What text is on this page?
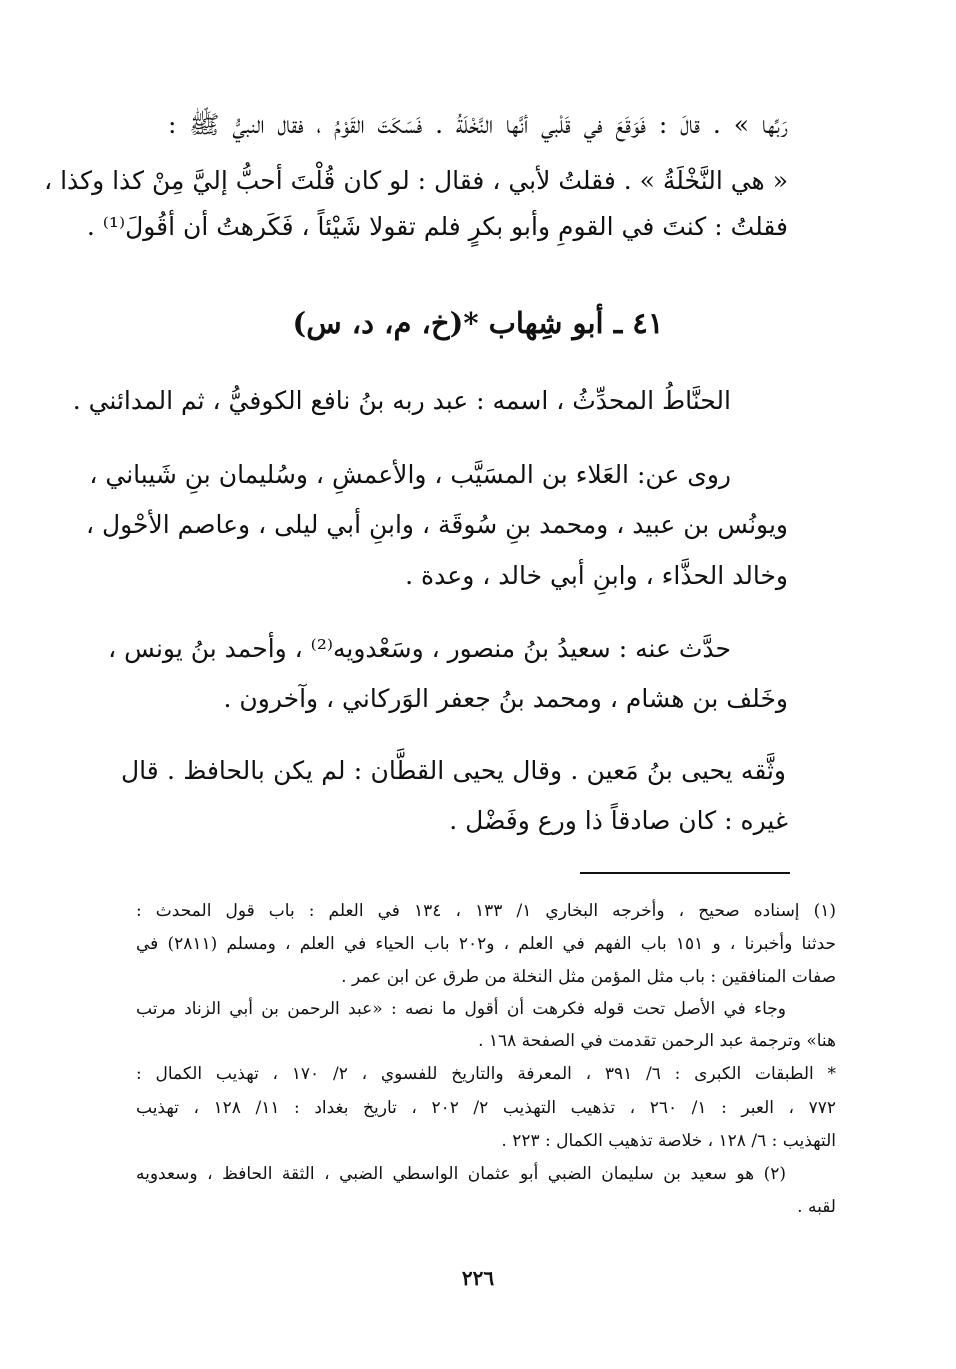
رَبِّها » . قالَ : فَوَقَعَ في قَلْبي أنَّها النَّخْلَةُ . فَسَكَتَ القَوْمُ ، فقال النبيُّ ﷺ :
« هي النَّخْلَةُ » . فقلتُ لأبي ، فقال : لو كان قُلْتَ أحبُّ إليَّ مِنْ كذا وكذا ،
فقلتُ : كنتَ في القومِ وأبو بكرٍ فلم تقولا شَيْئاً ، فَكَرهتُ أن أقُولَ⁽¹⁾ .
٤١ ـ أبو شِهاب *(خ، م، د، س)
الحنَّاطُ المحدِّثُ ، اسمه : عبد ربه بنُ نافع الكوفيُّ ، ثم المدائني .
روى عن: العَلاء بن المسَيَّب ، والأعمشِ ، وسُليمان بنِ شَيباني ،
ويونُس بن عبيد ، ومحمد بنِ سُوقَة ، وابنِ أبي ليلى ، وعاصم الأحْول ،
وخالد الحذَّاء ، وابنِ أبي خالد ، وعدة .
حدَّث عنه : سعيدُ بنُ منصور ، وسَعْدويه⁽²⁾ ، وأحمد بنُ يونس ،
وخَلف بن هشام ، ومحمد بنُ جعفر الوَركاني ، وآخرون .
وثَّقه يحيى بنُ مَعين . وقال يحيى القطَّان : لم يكن بالحافظ . قال
غيره : كان صادقاً ذا ورع وفَضْل .
(١) إسناده صحيح ، وأخرجه البخاري ١/ ١٣٣ ، ١٣٤ في العلم : باب قول المحدث :
حدثنا وأخبرنا ، و ١٥١ باب الفهم في العلم ، و٢٠٢ باب الحياء في العلم ، ومسلم (٢٨١١) في
صفات المنافقين : باب مثل المؤمن مثل النخلة من طرق عن ابن عمر .
وجاء في الأصل تحت قوله فكرهت أن أقول ما نصه : «عبد الرحمن بن أبي الزناد مرتب
هنا» وترجمة عبد الرحمن تقدمت في الصفحة ١٦٨ .
* الطبقات الكبرى : ٦/ ٣٩١ ، المعرفة والتاريخ للفسوي ، ٢/ ١٧٠ ، تهذيب الكمال :
٧٧٢ ، العبر : ١/ ٢٦٠ ، تذهيب التهذيب ٢/ ٢٠٢ ، تاريخ بغداد : ١١/ ١٢٨ ، تهذيب
التهذيب : ٦/ ١٢٨ ، خلاصة تذهيب الكمال : ٢٢٣ .
(٢) هو سعيد بن سليمان الضبي أبو عثمان الواسطي الضبي ، الثقة الحافظ ، وسعدويه
لقبه .
٢٢٦
